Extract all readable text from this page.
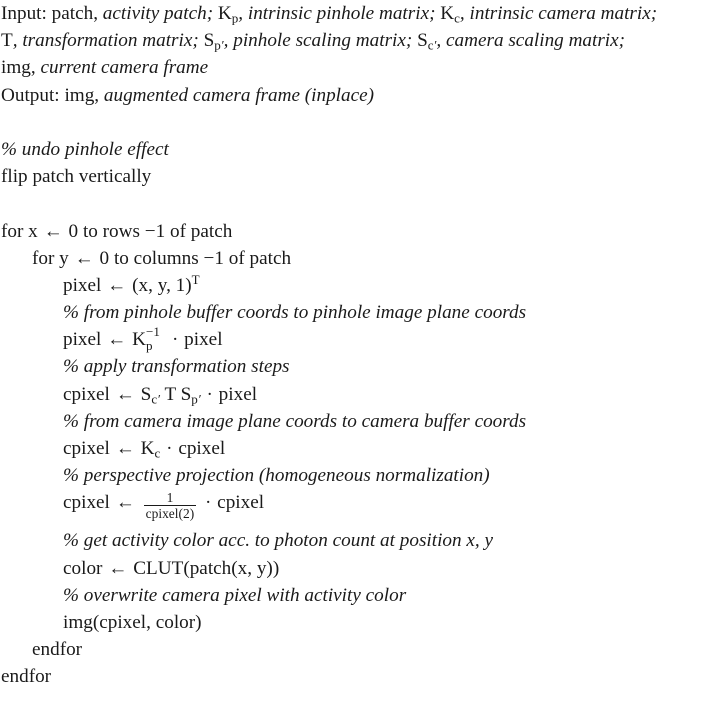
Input: patch, activity patch; $K_p$, intrinsic pinhole matrix; $K_c$, intrinsic camera matrix;
T, transformation matrix; $S_{p'}$, pinhole scaling matrix; $S_{c'}$, camera scaling matrix;
img, current camera frame
Output: img, augmented camera frame (inplace)
% undo pinhole effect
flip patch vertically
for x ← 0 to rows −1 of patch
for y ← 0 to columns −1 of patch
pixel ← (x, y, 1)$^T$
% from pinhole buffer coords to pinhole image plane coords
pixel ← K −1
p · pixel
% apply transformation steps
cpixel ← $S_{c'}$ T $S_{p'}$ · pixel
% from camera image plane coords to camera buffer coords
cpixel ← $K_c$ · cpixel
% perspective projection (homogeneous normalization)
cpixel ← $\frac{1}{\text{cpixel(2)}}$ · cpixel
% get activity color acc. to photon count at position x, y
color ← CLUT(patch(x, y))
% overwrite camera pixel with activity color
img(cpixel, color)
endfor
endfor
